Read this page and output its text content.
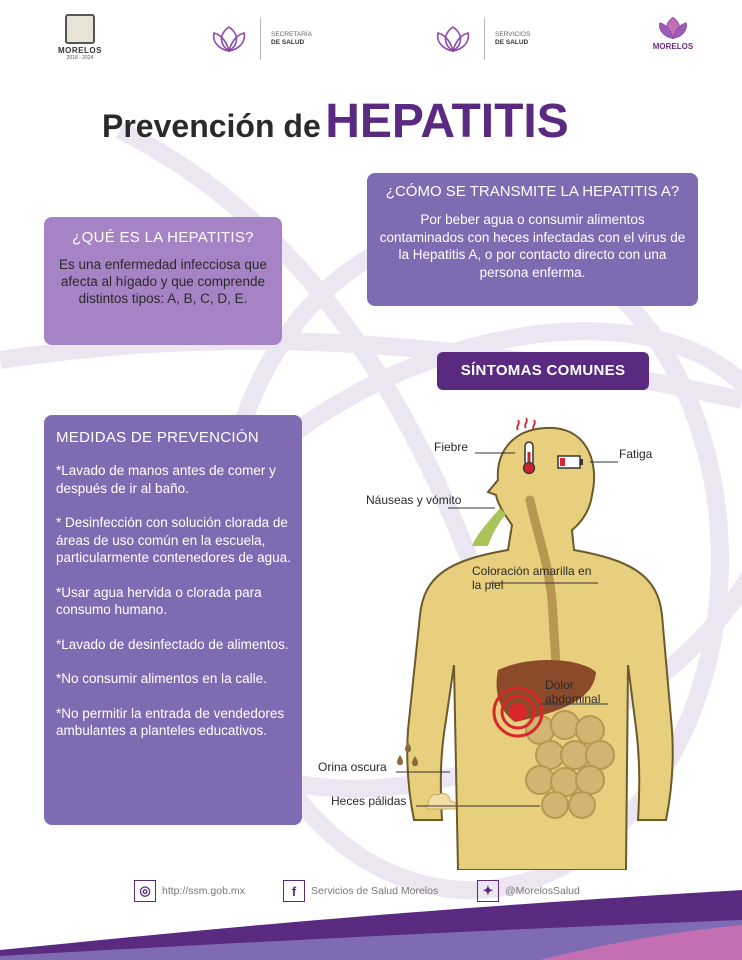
MORELOS
2018 - 2024
SECRETARÍA
DE SALUD
SERVICIOS
DE SALUD	MORELOS
Prevención de HEPATITIS
¿QUÉ ES LA HEPATITIS?

Es una enfermedad infecciosa que afecta al hígado y que comprende distintos tipos: A, B, C, D, E.

¿CÓMO SE TRANSMITE LA HEPATITIS A?

Por beber agua o consumir alimentos contaminados con heces infectadas con el virus de la Hepatitis A, o por contacto directo con una persona enferma.

SÍNTOMAS COMUNES
MEDIDAS DE PREVENCIÓN
*Lavado de manos antes de comer y después de ir al baño.
* Desinfección con solución clorada de áreas de uso común en la escuela, particularmente contenedores de agua.
*Usar agua hervida o clorada para consumo humano.
*Lavado de desinfectado de alimentos.
*No consumir alimentos en la calle.
*No permitir la entrada de vendedores ambulantes a planteles educativos.
Fiebre	Fatiga
Náuseas y vómito
Coloración amarilla en la piel
Dolor abdominal
Orina oscura
Heces pálidas
◎	http://ssm.gob.mx	f	Servicios de Salud Morelos	✦	@MorelosSalud
